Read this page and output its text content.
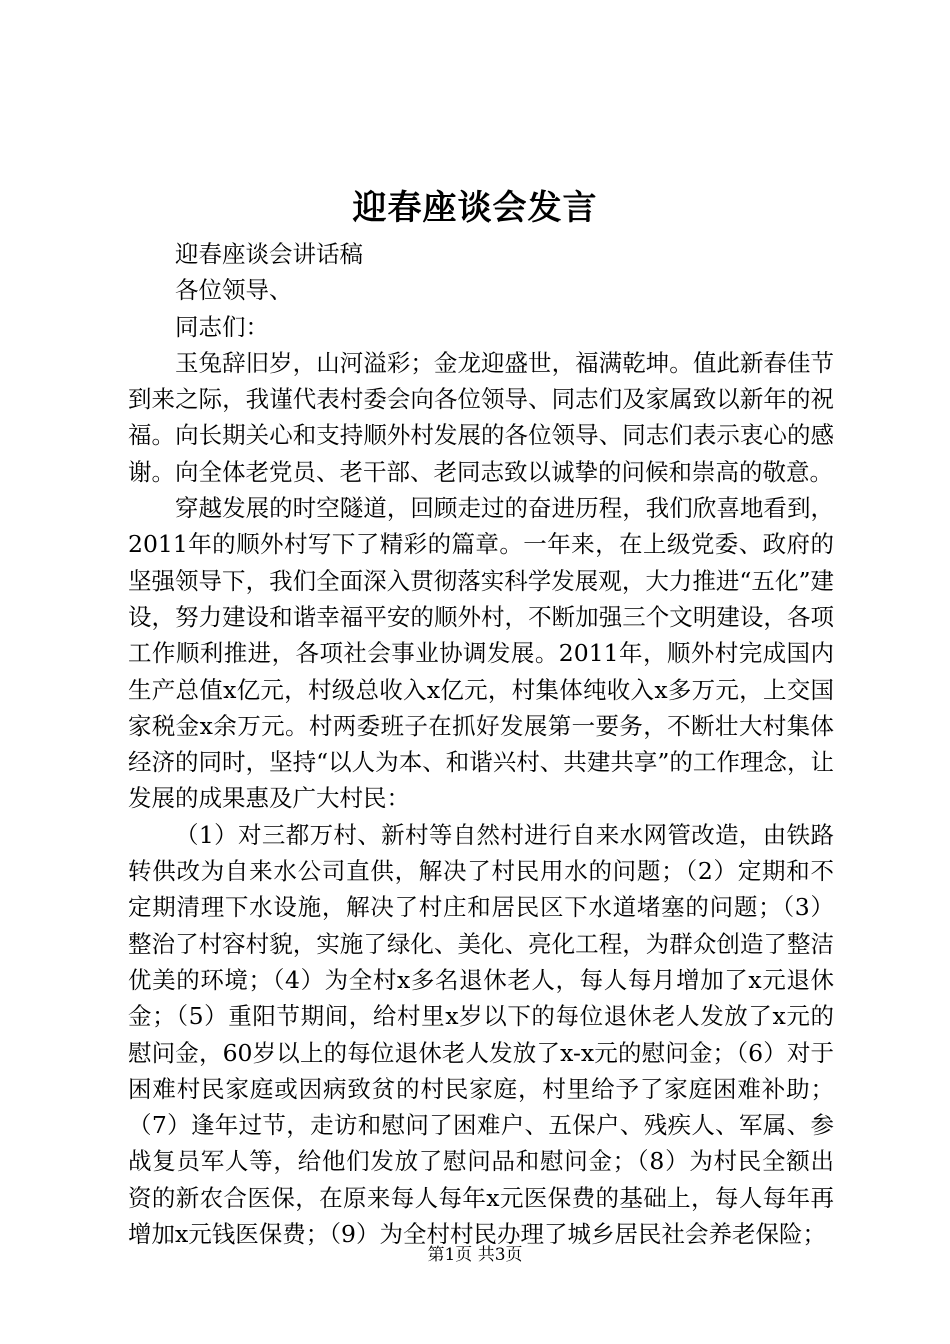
迎春座谈会发言

迎春座谈会讲话稿

各位领导、

同志们：

玉兔辞旧岁，山河溢彩；金龙迎盛世，福满乾坤。值此新春佳节到来之际，我谨代表村委会向各位领导、同志们及家属致以新年的祝福。向长期关心和支持顺外村发展的各位领导、同志们表示衷心的感谢。向全体老党员、老干部、老同志致以诚挚的问候和崇高的敬意。

穿越发展的时空隧道，回顾走过的奋进历程，我们欣喜地看到，2011年的顺外村写下了精彩的篇章。一年来，在上级党委、政府的坚强领导下，我们全面深入贯彻落实科学发展观，大力推进“五化”建设，努力建设和谐幸福平安的顺外村，不断加强三个文明建设，各项工作顺利推进，各项社会事业协调发展。2011年，顺外村完成国内生产总值x亿元，村级总收入x亿元，村集体纯收入x多万元，上交国家税金x余万元。村两委班子在抓好发展第一要务，不断壮大村集体经济的同时，坚持“以人为本、和谐兴村、共建共享”的工作理念，让发展的成果惠及广大村民：

（1）对三都万村、新村等自然村进行自来水网管改造，由铁路转供改为自来水公司直供，解决了村民用水的问题；（2）定期和不定期清理下水设施，解决了村庄和居民区下水道堵塞的问题；（3）整治了村容村貌，实施了绿化、美化、亮化工程，为群众创造了整洁优美的环境；（4）为全村x多名退休老人，每人每月增加了x元退休金；（5）重阳节期间，给村里x岁以下的每位退休老人发放了x元的慰问金，60岁以上的每位退休老人发放了x-x元的慰问金；（6）对于困难村民家庭或因病致贫的村民家庭，村里给予了家庭困难补助；（7）逢年过节，走访和慰问了困难户、五保户、残疾人、军属、参战复员军人等，给他们发放了慰问品和慰问金；（8）为村民全额出资的新农合医保，在原来每人每年x元医保费的基础上，每人每年再增加x元钱医保费；（9）为全村村民办理了城乡居民社会养老保险；

第1页 共3页
